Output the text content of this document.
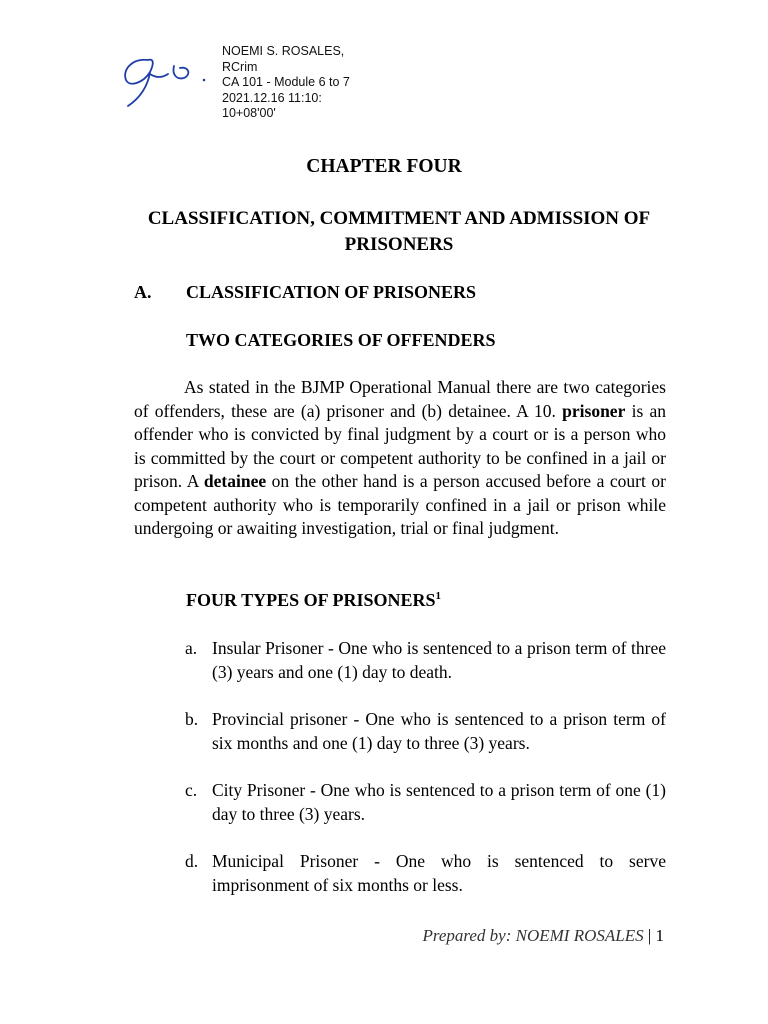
NOEMI S. ROSALES,
RCrim
CA 101 - Module 6 to 7
2021.12.16 11:10:
10+08'00'
CHAPTER FOUR
CLASSIFICATION, COMMITMENT AND ADMISSION OF PRISONERS
A. CLASSIFICATION OF PRISONERS
TWO CATEGORIES OF OFFENDERS
As stated in the BJMP Operational Manual there are two categories of offenders, these are (a) prisoner and (b) detainee. A 10. prisoner is an offender who is convicted by final judgment by a court or is a person who is committed by the court or competent authority to be confined in a jail or prison. A detainee on the other hand is a person accused before a court or competent authority who is temporarily confined in a jail or prison while undergoing or awaiting investigation, trial or final judgment.
FOUR TYPES OF PRISONERS$^1$
a. Insular Prisoner - One who is sentenced to a prison term of three (3) years and one (1) day to death.
b. Provincial prisoner - One who is sentenced to a prison term of six months and one (1) day to three (3) years.
c. City Prisoner - One who is sentenced to a prison term of one (1) day to three (3) years.
d. Municipal Prisoner - One who is sentenced to serve imprisonment of six months or less.
Prepared by: NOEMI ROSALES | 1
